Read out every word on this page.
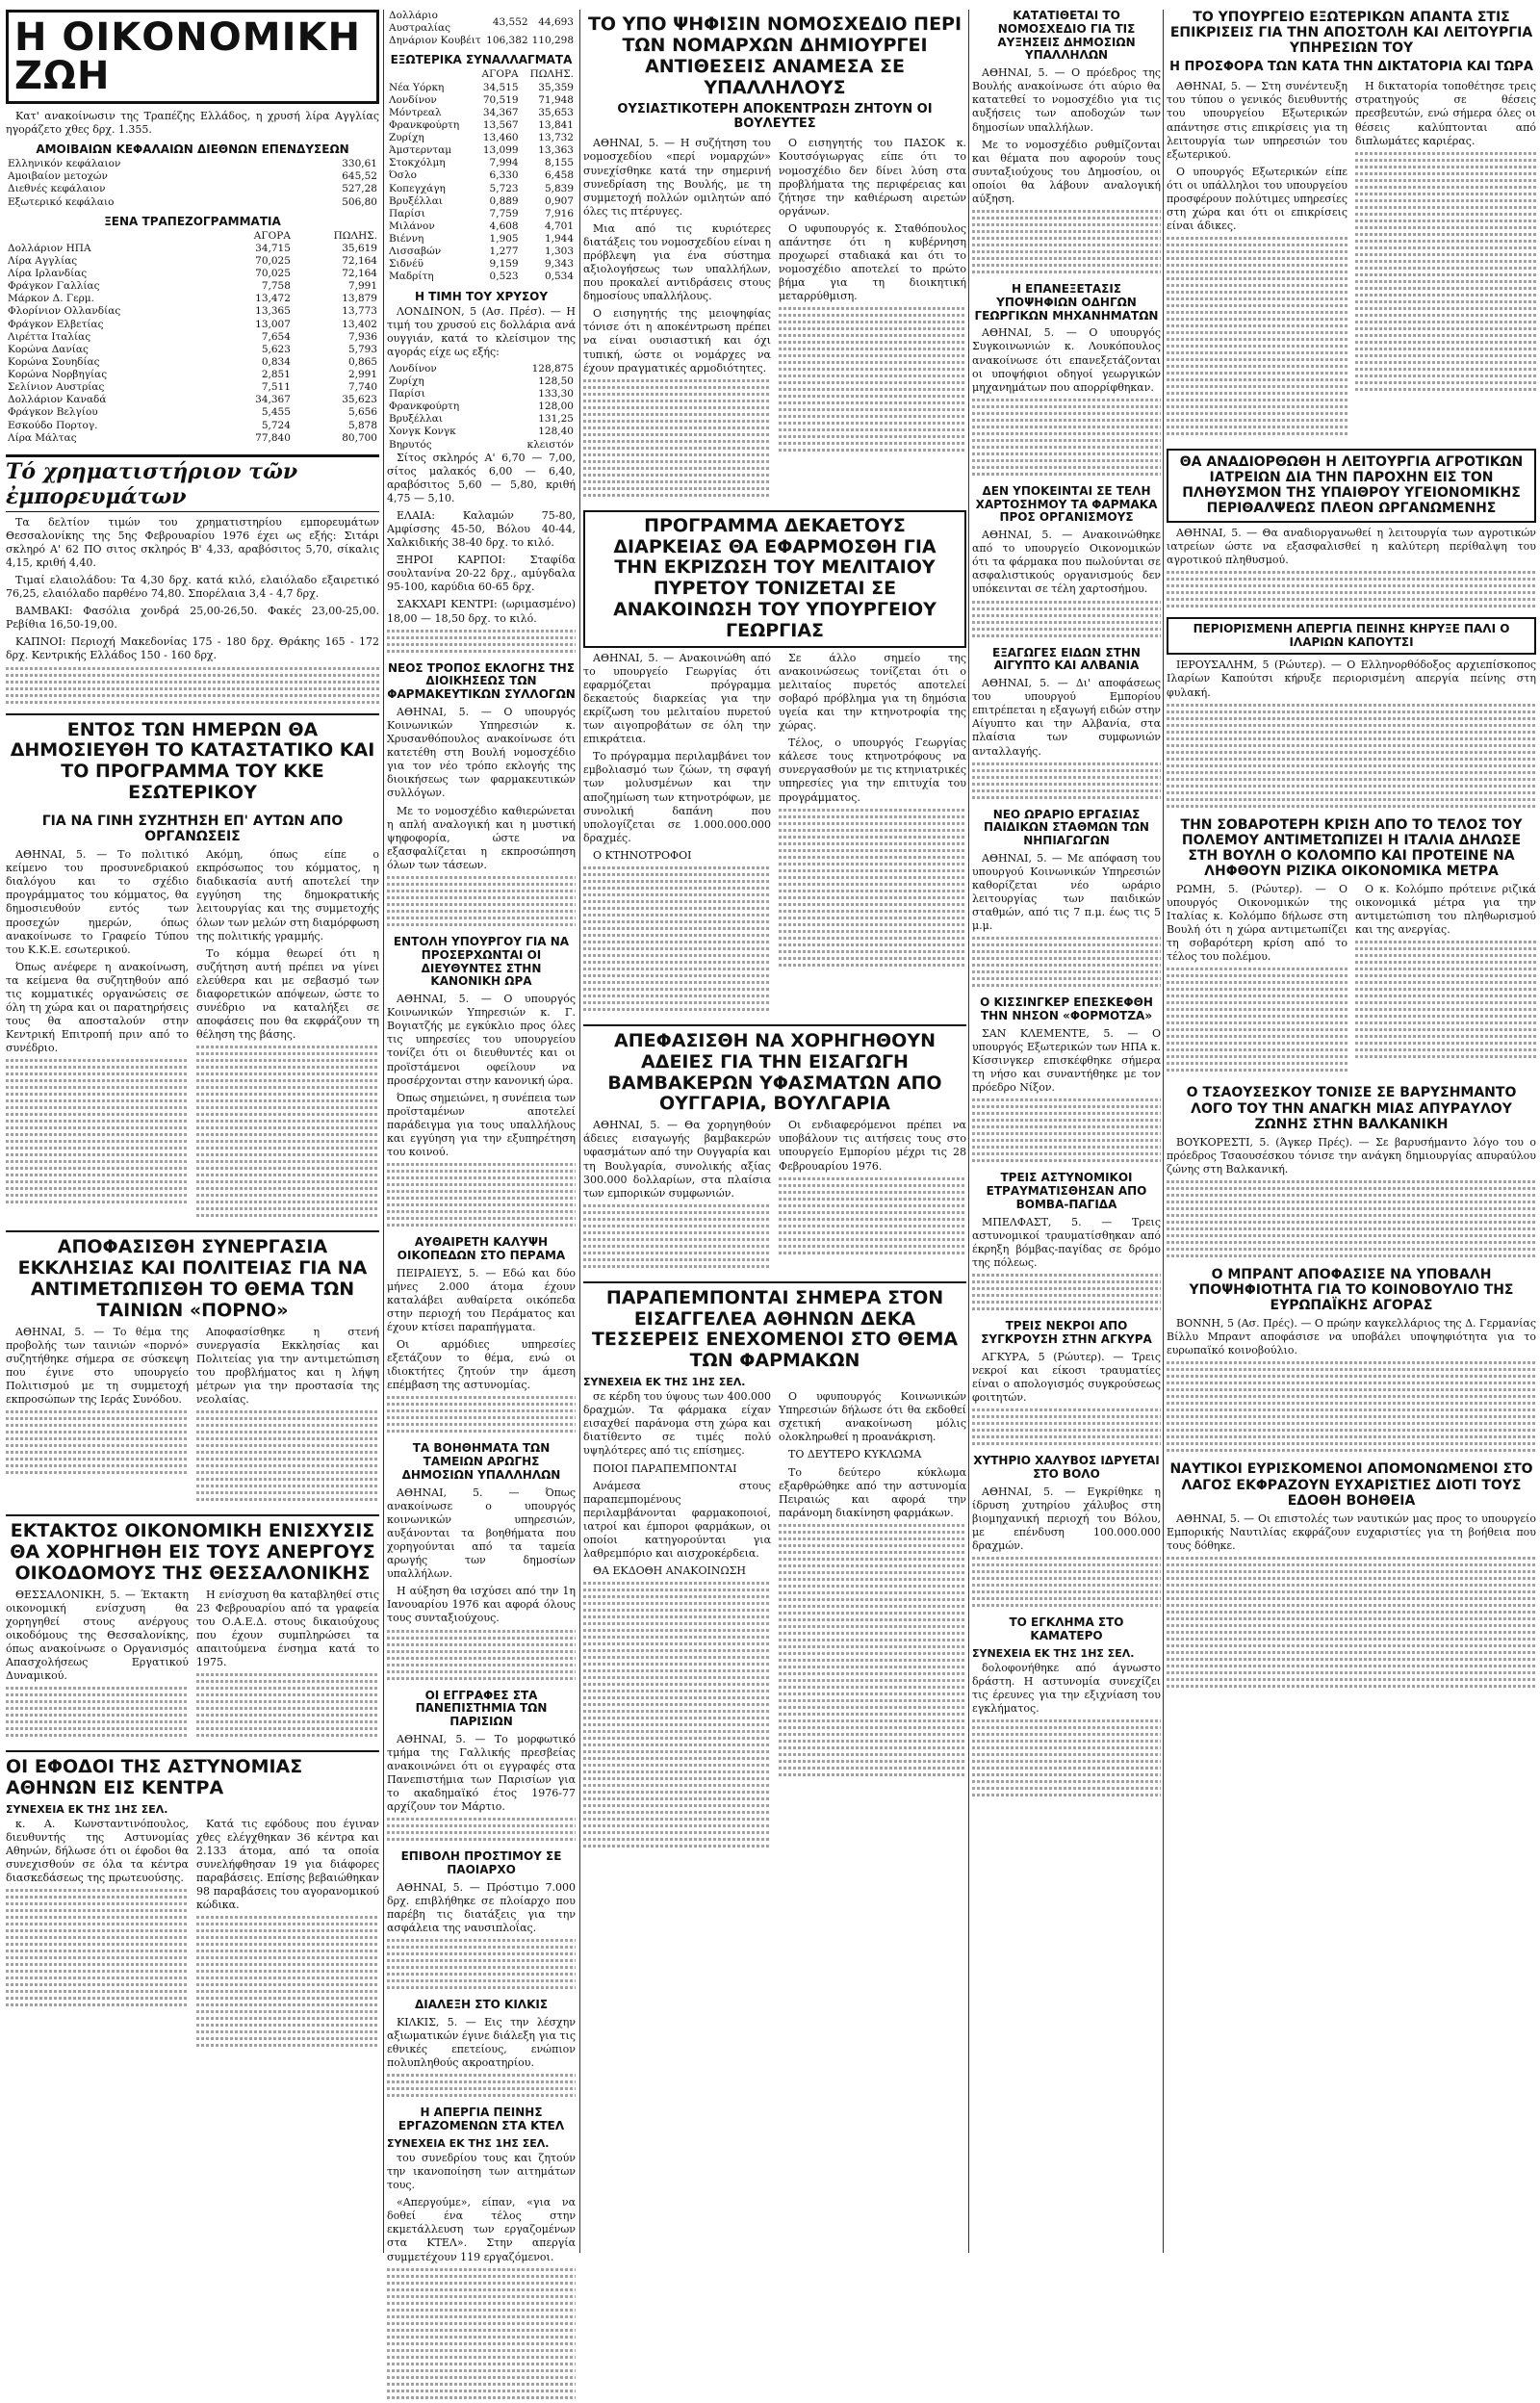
Η ΟΙΚΟΝΟΜΙΚΗ ΖΩΗ

Κατ' ανακοίνωσιν της Τραπέζης Ελλάδος, η χρυσή λίρα Αγγλίας ηγοράζετο χθες δρχ. 1.355.

ΑΜΟΙΒΑΙΩΝ ΚΕΦΑΛΑΙΩΝ ΔΙΕΘΝΩΝ ΕΠΕΝΔΥΣΕΩΝ
Ελληνικόν κεφάλαιον	330,61
Αμοιβαίον μετοχών	645,52
Διεθνές κεφάλαιον	527,28
Εξωτερικό κεφάλαιο	506,80
ΞΕΝΑ ΤΡΑΠΕΖΟΓΡΑΜΜΑΤΙΑ
	ΑΓΟΡΑ	ΠΩΛΗΣ.
Δολλάριον ΗΠΑ	34,715	35,619
Λίρα Αγγλίας	70,025	72,164
Λίρα Ιρλανδίας	70,025	72,164
Φράγκον Γαλλίας	7,758	7,991
Μάρκον Δ. Γερμ.	13,472	13,879
Φλορίνιον Ολλανδίας	13,365	13,773
Φράγκον Ελβετίας	13,007	13,402
Λιρέττα Ιταλίας	7,654	7,936
Κορώνα Δανίας	5,623	5,793
Κορώνα Σουηδίας	0,834	0,865
Κορώνα Νορβηγίας	2,851	2,991
Σελίνιον Αυστρίας	7,511	7,740
Δολλάριον Καναδά	34,367	35,623
Φράγκον Βελγίου	5,455	5,656
Εσκούδο Πορτογ.	5,724	5,878
Λίρα Μάλτας	77,840	80,700
Τό χρηματιστήριον τῶν ἐμπορευμάτων

Τα δελτίον τιμών του χρηματιστηρίου εμπορευμάτων Θεσσαλονίκης της 5ης Φεβρουαρίου 1976 έχει ως εξής: Σιτάρι σκληρό Α' 62 ΠΟ σιτος σκληρός Β' 4,33, αραβόσιτος 5,70, σίκαλις 4,15, κριθή 4,40.

Τιμαί ελαιολάδου: Τα 4,30 δρχ. κατά κιλό, ελαιόλαδο εξαιρετικό 76,25, ελαιόλαδο παρθένο 74,80. Σπορέλαια 3,4 - 4,7 δρχ.

ΒΑΜΒΑΚΙ: Φασόλια χονδρά 25,00-26,50. Φακές 23,00-25,00. Ρεβίθια 16,50-19,00.

ΚΑΠΝΟΙ: Περιοχή Μακεδονίας 175 - 180 δρχ. Θράκης 165 - 172 δρχ. Κεντρικής Ελλάδος 150 - 160 δρχ.

ΕΝΤΟΣ ΤΩΝ ΗΜΕΡΩΝ ΘΑ ΔΗΜΟΣΙΕΥΘΗ ΤΟ ΚΑΤΑΣΤΑΤΙΚΟ ΚΑΙ ΤΟ ΠΡΟΓΡΑΜΜΑ ΤΟΥ ΚΚΕ ΕΣΩΤΕΡΙΚΟΥ
ΓΙΑ ΝΑ ΓΙΝΗ ΣΥΖΗΤΗΣΗ ΕΠ' ΑΥΤΩΝ ΑΠΟ ΟΡΓΑΝΩΣΕΙΣ

ΑΘΗΝΑΙ, 5. — Το πολιτικό κείμενο του προσυνεδριακού διαλόγου και το σχέδιο προγράμματος του κόμματος, θα δημοσιευθούν εντός των προσεχών ημερών, όπως ανακοίνωσε το Γραφείο Τύπου του Κ.Κ.Ε. εσωτερικού.

Όπως ανέφερε η ανακοίνωση, τα κείμενα θα συζητηθούν από τις κομματικές οργανώσεις σε όλη τη χώρα και οι παρατηρήσεις τους θα αποσταλούν στην Κεντρική Επιτροπή πριν από το συνέδριο.

Ακόμη, όπως είπε ο εκπρόσωπος του κόμματος, η διαδικασία αυτή αποτελεί την εγγύηση της δημοκρατικής λειτουργίας και της συμμετοχής όλων των μελών στη διαμόρφωση της πολιτικής γραμμής.

Το κόμμα θεωρεί ότι η συζήτηση αυτή πρέπει να γίνει ελεύθερα και με σεβασμό των διαφορετικών απόψεων, ώστε το συνέδριο να καταλήξει σε αποφάσεις που θα εκφράζουν τη θέληση της βάσης.

ΑΠΟΦΑΣΙΣΘΗ ΣΥΝΕΡΓΑΣΙΑ ΕΚΚΛΗΣΙΑΣ ΚΑΙ ΠΟΛΙΤΕΙΑΣ ΓΙΑ ΝΑ ΑΝΤΙΜΕΤΩΠΙΣΘΗ ΤΟ ΘΕΜΑ ΤΩΝ ΤΑΙΝΙΩΝ «ΠΟΡΝΟ»

ΑΘΗΝΑΙ, 5. — Το θέμα της προβολής των ταινιών «πορνό» συζητήθηκε σήμερα σε σύσκεψη που έγινε στο υπουργείο Πολιτισμού με τη συμμετοχή εκπροσώπων της Ιεράς Συνόδου.

Αποφασίσθηκε η στενή συνεργασία Εκκλησίας και Πολιτείας για την αντιμετώπιση του προβλήματος και η λήψη μέτρων για την προστασία της νεολαίας.

ΕΚΤΑΚΤΟΣ ΟΙΚΟΝΟΜΙΚΗ ΕΝΙΣΧΥΣΙΣ ΘΑ ΧΟΡΗΓΗΘΗ ΕΙΣ ΤΟΥΣ ΑΝΕΡΓΟΥΣ ΟΙΚΟΔΟΜΟΥΣ ΤΗΣ ΘΕΣΣΑΛΟΝΙΚΗΣ

ΘΕΣΣΑΛΟΝΙΚΗ, 5. — Έκτακτη οικονομική ενίσχυση θα χορηγηθεί στους ανέργους οικοδόμους της Θεσσαλονίκης, όπως ανακοίνωσε ο Οργανισμός Απασχολήσεως Εργατικού Δυναμικού.

Η ενίσχυση θα καταβληθεί στις 23 Φεβρουαρίου από τα γραφεία του Ο.Α.Ε.Δ. στους δικαιούχους που έχουν συμπληρώσει τα απαιτούμενα ένσημα κατά το 1975.

ΟΙ ΕΦΟΔΟΙ ΤΗΣ ΑΣΤΥΝΟΜΙΑΣ ΑΘΗΝΩΝ ΕΙΣ ΚΕΝΤΡΑ
ΣΥΝΕΧΕΙΑ ΕΚ ΤΗΣ 1ΗΣ ΣΕΛ.

κ. Α. Κωνσταντινόπουλος, διευθυντής της Αστυνομίας Αθηνών, δήλωσε ότι οι έφοδοι θα συνεχισθούν σε όλα τα κέντρα διασκεδάσεως της πρωτευούσης.

Κατά τις εφόδους που έγιναν χθες ελέγχθηκαν 36 κέντρα και 2.133 άτομα, από τα οποία συνελήφθησαν 19 για διάφορες παραβάσεις. Επίσης βεβαιώθηκαν 98 παραβάσεις του αγορανομικού κώδικα.

Δολλάριο Αυστραλίας	43,552	44,693
Δηνάριον Κουβέιτ	106,382	110,298
ΕΞΩΤΕΡΙΚΑ ΣΥΝΑΛΛΑΓΜΑΤΑ
	ΑΓΟΡΑ	ΠΩΛΗΣ.
Νέα Υόρκη	34,515	35,359
Λονδίνον	70,519	71,948
Μόντρεαλ	34,367	35,653
Φρανκφούρτη	13,567	13,841
Ζυρίχη	13,460	13,732
Άμστερνταμ	13,099	13,363
Στοκχόλμη	7,994	8,155
Όσλο	6,330	6,458
Κοπεγχάγη	5,723	5,839
Βρυξέλλαι	0,889	0,907
Παρίσι	7,759	7,916
Μιλάνον	4,608	4,701
Βιέννη	1,905	1,944
Λισσαβών	1,277	1,303
Σιδνέϋ	9,159	9,343
Μαδρίτη	0,523	0,534
Η ΤΙΜΗ ΤΟΥ ΧΡΥΣΟΥ

ΛΟΝΔΙΝΟΝ, 5 (Ασ. Πρέσ). — Η τιμή του χρυσού εις δολλάρια ανά ουγγιάν, κατά το κλείσιμον της αγοράς είχε ως εξής:

Λονδίνον	128,875
Ζυρίχη	128,50
Παρίσι	133,30
Φρανκφούρτη	128,00
Βρυξέλλαι	131,25
Χονγκ Κονγκ	128,40
Βηρυτός	κλειστόν

Σίτος σκληρός Α' 6,70 — 7,00, σίτος μαλακός 6,00 — 6,40, αραβόσιτος 5,60 — 5,80, κριθή 4,75 — 5,10.

ΕΛΑΙΑ: Καλαμών 75-80, Αμφίσσης 45-50, Βόλου 40-44, Χαλκιδικής 38-40 δρχ. το κιλό.

ΞΗΡΟΙ ΚΑΡΠΟΙ: Σταφίδα σουλτανίνα 20-22 δρχ., αμύγδαλα 95-100, καρύδια 60-65 δρχ.

ΣΑΚΧΑΡΙ ΚΕΝΤΡΙ: (ωριμασμένο) 18,00 — 18,50 δρχ. το κιλό.

ΝΕΟΣ ΤΡΟΠΟΣ ΕΚΛΟΓΗΣ ΤΗΣ ΔΙΟΙΚΗΣΕΩΣ ΤΩΝ ΦΑΡΜΑΚΕΥΤΙΚΩΝ ΣΥΛΛΟΓΩΝ

ΑΘΗΝΑΙ, 5. — Ο υπουργός Κοινωνικών Υπηρεσιών κ. Χρυσανθόπουλος ανακοίνωσε ότι κατετέθη στη Βουλή νομοσχέδιο για τον νέο τρόπο εκλογής της διοικήσεως των φαρμακευτικών συλλόγων.

Με το νομοσχέδιο καθιερώνεται η απλή αναλογική και η μυστική ψηφοφορία, ώστε να εξασφαλίζεται η εκπροσώπηση όλων των τάσεων.

ΕΝΤΟΛΗ ΥΠΟΥΡΓΟΥ ΓΙΑ ΝΑ ΠΡΟΣΕΡΧΩΝΤΑΙ ΟΙ ΔΙΕΥΘΥΝΤΕΣ ΣΤΗΝ ΚΑΝΟΝΙΚΗ ΩΡΑ

ΑΘΗΝΑΙ, 5. — Ο υπουργός Κοινωνικών Υπηρεσιών κ. Γ. Βογιατζής με εγκύκλιο προς όλες τις υπηρεσίες του υπουργείου τονίζει ότι οι διευθυντές και οι προϊστάμενοι οφείλουν να προσέρχονται στην κανονική ώρα.

Όπως σημειώνει, η συνέπεια των προϊσταμένων αποτελεί παράδειγμα για τους υπαλλήλους και εγγύηση για την εξυπηρέτηση του κοινού.

ΑΥΘΑΙΡΕΤΗ ΚΑΛΥΨΗ ΟΙΚΟΠΕΔΩΝ ΣΤΟ ΠΕΡΑΜΑ

ΠΕΙΡΑΙΕΥΣ, 5. — Εδώ και δύο μήνες 2.000 άτομα έχουν καταλάβει αυθαίρετα οικόπεδα στην περιοχή του Περάματος και έχουν κτίσει παραπήγματα.

Οι αρμόδιες υπηρεσίες εξετάζουν το θέμα, ενώ οι ιδιοκτήτες ζητούν την άμεση επέμβαση της αστυνομίας.

ΤΑ ΒΟΗΘΗΜΑΤΑ ΤΩΝ ΤΑΜΕΙΩΝ ΑΡΩΓΗΣ ΔΗΜΟΣΙΩΝ ΥΠΑΛΛΗΛΩΝ

ΑΘΗΝΑΙ, 5. — Όπως ανακοίνωσε ο υπουργός κοινωνικών υπηρεσιών, αυξάνονται τα βοηθήματα που χορηγούνται από τα ταμεία αρωγής των δημοσίων υπαλλήλων.

Η αύξηση θα ισχύσει από την 1η Ιανουαρίου 1976 και αφορά όλους τους συνταξιούχους.

ΟΙ ΕΓΓΡΑΦΕΣ ΣΤΑ ΠΑΝΕΠΙΣΤΗΜΙΑ ΤΩΝ ΠΑΡΙΣΙΩΝ

ΑΘΗΝΑΙ, 5. — Το μορφωτικό τμήμα της Γαλλικής πρεσβείας ανακοινώνει ότι οι εγγραφές στα Πανεπιστήμια των Παρισίων για το ακαδημαϊκό έτος 1976-77 αρχίζουν τον Μάρτιο.

ΕΠΙΒΟΛΗ ΠΡΟΣΤΙΜΟΥ ΣΕ ΠΑΟΙΑΡΧΟ

ΑΘΗΝΑΙ, 5. — Πρόστιμο 7.000 δρχ. επιβλήθηκε σε πλοίαρχο που παρέβη τις διατάξεις για την ασφάλεια της ναυσιπλοΐας.

ΔΙΑΛΕΞΗ ΣΤΟ ΚΙΛΚΙΣ

ΚΙΛΚΙΣ, 5. — Εις την λέσχην αξιωματικών έγινε διάλεξη για τις εθνικές επετείους, ενώπιον πολυπληθούς ακροατηρίου.

Η ΑΠΕΡΓΙΑ ΠΕΙΝΗΣ ΕΡΓΑΖΟΜΕΝΩΝ ΣΤΑ ΚΤΕΛ
ΣΥΝΕΧΕΙΑ ΕΚ ΤΗΣ 1ΗΣ ΣΕΛ.

του συνεδρίου τους και ζητούν την ικανοποίηση των αιτημάτων τους.

«Απεργούμε», είπαν, «για να δοθεί ένα τέλος στην εκμετάλλευση των εργαζομένων στα ΚΤΕΛ». Στην απεργία συμμετέχουν 119 εργαζόμενοι.

ΤΟ ΥΠΟ ΨΗΦΙΣΙΝ ΝΟΜΟΣΧΕΔΙΟ ΠΕΡΙ ΤΩΝ ΝΟΜΑΡΧΩΝ ΔΗΜΙΟΥΡΓΕΙ ΑΝΤΙΘΕΣΕΙΣ ΑΝΑΜΕΣΑ ΣΕ ΥΠΑΛΛΗΛΟΥΣ
ΟΥΣΙΑΣΤΙΚΟΤΕΡΗ ΑΠΟΚΕΝΤΡΩΣΗ ΖΗΤΟΥΝ ΟΙ ΒΟΥΛΕΥΤΕΣ

ΑΘΗΝΑΙ, 5. — Η συζήτηση του νομοσχεδίου «περί νομαρχών» συνεχίσθηκε κατά την σημερινή συνεδρίαση της Βουλής, με τη συμμετοχή πολλών ομιλητών από όλες τις πτέρυγες.

Μια από τις κυριότερες διατάξεις του νομοσχεδίου είναι η πρόβλεψη για ένα σύστημα αξιολογήσεως των υπαλλήλων, που προκαλεί αντιδράσεις στους δημοσίους υπαλλήλους.

Ο εισηγητής της μειοψηφίας τόνισε ότι η αποκέντρωση πρέπει να είναι ουσιαστική και όχι τυπική, ώστε οι νομάρχες να έχουν πραγματικές αρμοδιότητες.

Ο εισηγητής του ΠΑΣΟΚ κ. Κουτσόγιωργας είπε ότι το νομοσχέδιο δεν δίνει λύση στα προβλήματα της περιφέρειας και ζήτησε την καθιέρωση αιρετών οργάνων.

Ο υφυπουργός κ. Σταθόπουλος απάντησε ότι η κυβέρνηση προχωρεί σταδιακά και ότι το νομοσχέδιο αποτελεί το πρώτο βήμα για τη διοικητική μεταρρύθμιση.

ΠΡΟΓΡΑΜΜΑ ΔΕΚΑΕΤΟΥΣ ΔΙΑΡΚΕΙΑΣ ΘΑ ΕΦΑΡΜΟΣΘΗ ΓΙΑ ΤΗΝ ΕΚΡΙΖΩΣΗ ΤΟΥ ΜΕΛΙΤΑΙΟΥ ΠΥΡΕΤΟΥ ΤΟΝΙΖΕΤΑΙ ΣΕ ΑΝΑΚΟΙΝΩΣΗ ΤΟΥ ΥΠΟΥΡΓΕΙΟΥ ΓΕΩΡΓΙΑΣ

ΑΘΗΝΑΙ, 5. — Ανακοινώθη από το υπουργείο Γεωργίας ότι εφαρμόζεται πρόγραμμα δεκαετούς διαρκείας για την εκρίζωση του μελιταίου πυρετού των αιγοπροβάτων σε όλη την επικράτεια.

Το πρόγραμμα περιλαμβάνει τον εμβολιασμό των ζώων, τη σφαγή των μολυσμένων και την αποζημίωση των κτηνοτρόφων, με συνολική δαπάνη που υπολογίζεται σε 1.000.000.000 δραχμές.

Ο ΚΤΗΝΟΤΡΟΦΟΙ

Σε άλλο σημείο της ανακοινώσεως τονίζεται ότι ο μελιταίος πυρετός αποτελεί σοβαρό πρόβλημα για τη δημόσια υγεία και την κτηνοτροφία της χώρας.

Τέλος, ο υπουργός Γεωργίας κάλεσε τους κτηνοτρόφους να συνεργασθούν με τις κτηνιατρικές υπηρεσίες για την επιτυχία του προγράμματος.

ΑΠΕΦΑΣΙΣΘΗ ΝΑ ΧΟΡΗΓΗΘΟΥΝ ΑΔΕΙΕΣ ΓΙΑ ΤΗΝ ΕΙΣΑΓΩΓΗ ΒΑΜΒΑΚΕΡΩΝ ΥΦΑΣΜΑΤΩΝ ΑΠΟ ΟΥΓΓΑΡΙΑ, ΒΟΥΛΓΑΡΙΑ

ΑΘΗΝΑΙ, 5. — Θα χορηγηθούν άδειες εισαγωγής βαμβακερών υφασμάτων από την Ουγγαρία και τη Βουλγαρία, συνολικής αξίας 300.000 δολλαρίων, στα πλαίσια των εμπορικών συμφωνιών.

Οι ενδιαφερόμενοι πρέπει να υποβάλουν τις αιτήσεις τους στο υπουργείο Εμπορίου μέχρι τις 28 Φεβρουαρίου 1976.

ΠΑΡΑΠΕΜΠΟΝΤΑΙ ΣΗΜΕΡΑ ΣΤΟΝ ΕΙΣΑΓΓΕΛΕΑ ΑΘΗΝΩΝ ΔΕΚΑ ΤΕΣΣΕΡΕΙΣ ΕΝΕΧΟΜΕΝΟΙ ΣΤΟ ΘΕΜΑ ΤΩΝ ΦΑΡΜΑΚΩΝ
ΣΥΝΕΧΕΙΑ ΕΚ ΤΗΣ 1ΗΣ ΣΕΛ.

σε κέρδη του ύψους των 400.000 δραχμών. Τα φάρμακα είχαν εισαχθεί παράνομα στη χώρα και διατίθεντο σε τιμές πολύ υψηλότερες από τις επίσημες.

ΠΟΙΟΙ ΠΑΡΑΠΕΜΠΟΝΤΑΙ

Ανάμεσα στους παραπεμπομένους περιλαμβάνονται φαρμακοποιοί, ιατροί και έμποροι φαρμάκων, οι οποίοι κατηγορούνται για λαθρεμπόριο και αισχροκέρδεια.

ΘΑ ΕΚΔΟΘΗ ΑΝΑΚΟΙΝΩΣΗ

Ο υφυπουργός Κοινωνικών Υπηρεσιών δήλωσε ότι θα εκδοθεί σχετική ανακοίνωση μόλις ολοκληρωθεί η προανάκριση.

ΤΟ ΔΕΥΤΕΡΟ ΚΥΚΛΩΜΑ

Το δεύτερο κύκλωμα εξαρθρώθηκε από την αστυνομία Πειραιώς και αφορά την παράνομη διακίνηση φαρμάκων.

ΚΑΤΑΤΙΘΕΤΑΙ ΤΟ ΝΟΜΟΣΧΕΔΙΟ ΓΙΑ ΤΙΣ ΑΥΞΗΣΕΙΣ ΔΗΜΟΣΙΩΝ ΥΠΑΛΛΗΛΩΝ

ΑΘΗΝΑΙ, 5. — Ο πρόεδρος της Βουλής ανακοίνωσε ότι αύριο θα κατατεθεί το νομοσχέδιο για τις αυξήσεις των αποδοχών των δημοσίων υπαλλήλων.

Με το νομοσχέδιο ρυθμίζονται και θέματα που αφορούν τους συνταξιούχους του Δημοσίου, οι οποίοι θα λάβουν αναλογική αύξηση.

Η ΕΠΑΝΕΞΕΤΑΣΙΣ ΥΠΟΨΗΦΙΩΝ ΟΔΗΓΩΝ ΓΕΩΡΓΙΚΩΝ ΜΗΧΑΝΗΜΑΤΩΝ

ΑΘΗΝΑΙ, 5. — Ο υπουργός Συγκοινωνιών κ. Λουκόπουλος ανακοίνωσε ότι επανεξετάζονται οι υποψήφιοι οδηγοί γεωργικών μηχανημάτων που απορρίφθηκαν.

ΔΕΝ ΥΠΟΚΕΙΝΤΑΙ ΣΕ ΤΕΛΗ ΧΑΡΤΟΣΗΜΟΥ ΤΑ ΦΑΡΜΑΚΑ ΠΡΟΣ ΟΡΓΑΝΙΣΜΟΥΣ

ΑΘΗΝΑΙ, 5. — Ανακοινώθηκε από το υπουργείο Οικονομικών ότι τα φάρμακα που πωλούνται σε ασφαλιστικούς οργανισμούς δεν υπόκεινται σε τέλη χαρτοσήμου.

ΕΞΑΓΩΓΕΣ ΕΙΔΩΝ ΣΤΗΝ ΑΙΓΥΠΤΟ ΚΑΙ ΑΛΒΑΝΙΑ

ΑΘΗΝΑΙ, 5. — Δι' αποφάσεως του υπουργού Εμπορίου επιτρέπεται η εξαγωγή ειδών στην Αίγυπτο και την Αλβανία, στα πλαίσια των συμφωνιών ανταλλαγής.

ΝΕΟ ΩΡΑΡΙΟ ΕΡΓΑΣΙΑΣ ΠΑΙΔΙΚΩΝ ΣΤΑΘΜΩΝ ΤΩΝ ΝΗΠΙΑΓΩΓΩΝ

ΑΘΗΝΑΙ, 5. — Με απόφαση του υπουργού Κοινωνικών Υπηρεσιών καθορίζεται νέο ωράριο λειτουργίας των παιδικών σταθμών, από τις 7 π.μ. έως τις 5 μ.μ.

Ο ΚΙΣΣΙΝΓΚΕΡ ΕΠΕΣΚΕΦΘΗ ΤΗΝ ΝΗΣΟΝ «ΦΟΡΜΟΤΖΑ»

ΣΑΝ ΚΛΕΜΕΝΤΕ, 5. — Ο υπουργός Εξωτερικών των ΗΠΑ κ. Κίσσινγκερ επισκέφθηκε σήμερα τη νήσο και συναντήθηκε με τον πρόεδρο Νίξον.

ΤΡΕΙΣ ΑΣΤΥΝΟΜΙΚΟΙ ΕΤΡΑΥΜΑΤΙΣΘΗΣΑΝ ΑΠΟ ΒΟΜΒΑ-ΠΑΓΙΔΑ

ΜΠΕΛΦΑΣΤ, 5. — Τρεις αστυνομικοί τραυματίσθηκαν από έκρηξη βόμβας-παγίδας σε δρόμο της πόλεως.

ΤΡΕΙΣ ΝΕΚΡΟΙ ΑΠΟ ΣΥΓΚΡΟΥΣΗ ΣΤΗΝ ΑΓΚΥΡΑ

ΑΓΚΥΡΑ, 5 (Ρώυτερ). — Τρεις νεκροί και είκοσι τραυματίες είναι ο απολογισμός συγκρούσεως φοιτητών.

ΧΥΤΗΡΙΟ ΧΑΛΥΒΟΣ ΙΔΡΥΕΤΑΙ ΣΤΟ ΒΟΛΟ

ΑΘΗΝΑΙ, 5. — Εγκρίθηκε η ίδρυση χυτηρίου χάλυβος στη βιομηχανική περιοχή του Βόλου, με επένδυση 100.000.000 δραχμών.

ΤΟ ΕΓΚΛΗΜΑ ΣΤΟ ΚΑΜΑΤΕΡΟ
ΣΥΝΕΧΕΙΑ ΕΚ ΤΗΣ 1ΗΣ ΣΕΛ.

δολοφονήθηκε από άγνωστο δράστη. Η αστυνομία συνεχίζει τις έρευνες για την εξιχνίαση του εγκλήματος.

ΤΟ ΥΠΟΥΡΓΕΙΟ ΕΞΩΤΕΡΙΚΩΝ ΑΠΑΝΤΑ ΣΤΙΣ ΕΠΙΚΡΙΣΕΙΣ ΓΙΑ ΤΗΝ ΑΠΟΣΤΟΛΗ ΚΑΙ ΛΕΙΤΟΥΡΓΙΑ ΥΠΗΡΕΣΙΩΝ ΤΟΥ
Η ΠΡΟΣΦΟΡΑ ΤΩΝ ΚΑΤΑ ΤΗΝ ΔΙΚΤΑΤΟΡΙΑ ΚΑΙ ΤΩΡΑ

ΑΘΗΝΑΙ, 5. — Στη συνέντευξη του τύπου ο γενικός διευθυντής του υπουργείου Εξωτερικών απάντησε στις επικρίσεις για τη λειτουργία των υπηρεσιών του εξωτερικού.

Ο υπουργός Εξωτερικών είπε ότι οι υπάλληλοι του υπουργείου προσφέρουν πολύτιμες υπηρεσίες στη χώρα και ότι οι επικρίσεις είναι άδικες.

Η δικτατορία τοποθέτησε τρεις στρατηγούς σε θέσεις πρεσβευτών, ενώ σήμερα όλες οι θέσεις καλύπτονται από διπλωμάτες καριέρας.

ΘΑ ΑΝΑΔΙΟΡΘΩΘΗ Η ΛΕΙΤΟΥΡΓΙΑ ΑΓΡΟΤΙΚΩΝ ΙΑΤΡΕΙΩΝ ΔΙΑ ΤΗΝ ΠΑΡΟΧΗΝ ΕΙΣ ΤΟΝ ΠΛΗΘΥΣΜΟΝ ΤΗΣ ΥΠΑΙΘΡΟΥ ΥΓΕΙΟΝΟΜΙΚΗΣ ΠΕΡΙΘΑΛΨΕΩΣ ΠΛΕΟΝ ΩΡΓΑΝΩΜΕΝΗΣ

ΑΘΗΝΑΙ, 5. — Θα αναδιοργανωθεί η λειτουργία των αγροτικών ιατρείων ώστε να εξασφαλισθεί η καλύτερη περίθαλψη του αγροτικού πληθυσμού.

ΠΕΡΙΟΡΙΣΜΕΝΗ ΑΠΕΡΓΙΑ ΠΕΙΝΗΣ ΚΗΡΥΞΕ ΠΑΛΙ Ο ΙΛΑΡΙΩΝ ΚΑΠΟΥΤΣΙ

ΙΕΡΟΥΣΑΛΗΜ, 5 (Ρώυτερ). — Ο Ελληνορθόδοξος αρχιεπίσκοπος Ιλαρίων Καπούτσι κήρυξε περιορισμένη απεργία πείνης στη φυλακή.

ΤΗΝ ΣΟΒΑΡΟΤΕΡΗ ΚΡΙΣΗ ΑΠΟ ΤΟ ΤΕΛΟΣ ΤΟΥ ΠΟΛΕΜΟΥ ΑΝΤΙΜΕΤΩΠΙΖΕΙ Η ΙΤΑΛΙΑ ΔΗΛΩΣΕ ΣΤΗ ΒΟΥΛΗ Ο ΚΟΛΟΜΠΟ ΚΑΙ ΠΡΟΤΕΙΝΕ ΝΑ ΛΗΦΘΟΥΝ ΡΙΖΙΚΑ ΟΙΚΟΝΟΜΙΚΑ ΜΕΤΡΑ

ΡΩΜΗ, 5. (Ρώυτερ). — Ο υπουργός Οικονομικών της Ιταλίας κ. Κολόμπο δήλωσε στη Βουλή ότι η χώρα αντιμετωπίζει τη σοβαρότερη κρίση από το τέλος του πολέμου.

Ο κ. Κολόμπο πρότεινε ριζικά οικονομικά μέτρα για την αντιμετώπιση του πληθωρισμού και της ανεργίας.

Ο ΤΣΑΟΥΣΕΣΚΟΥ ΤΟΝΙΣΕ ΣΕ ΒΑΡΥΣΗΜΑΝΤΟ ΛΟΓΟ ΤΟΥ ΤΗΝ ΑΝΑΓΚΗ ΜΙΑΣ ΑΠΥΡΑΥΛΟΥ ΖΩΝΗΣ ΣΤΗΝ ΒΑΛΚΑΝΙΚΗ

ΒΟΥΚΟΡΕΣΤΙ, 5. (Άγκερ Πρές). — Σε βαρυσήμαντο λόγο του ο πρόεδρος Τσαουσέσκου τόνισε την ανάγκη δημιουργίας απυραύλου ζώνης στη Βαλκανική.

Ο ΜΠΡΑΝΤ ΑΠΟΦΑΣΙΣΕ ΝΑ ΥΠΟΒΑΛΗ ΥΠΟΨΗΦΙΟΤΗΤΑ ΓΙΑ ΤΟ ΚΟΙΝΟΒΟΥΛΙΟ ΤΗΣ ΕΥΡΩΠΑΪΚΗΣ ΑΓΟΡΑΣ

ΒΟΝΝΗ, 5 (Ασ. Πρές). — Ο πρώην καγκελλάριος της Δ. Γερμανίας Βίλλυ Μπραντ αποφάσισε να υποβάλει υποψηφιότητα για το ευρωπαϊκό κοινοβούλιο.

ΝΑΥΤΙΚΟΙ ΕΥΡΙΣΚΟΜΕΝΟΙ ΑΠΟΜΟΝΩΜΕΝΟΙ ΣΤΟ ΛΑΓΟΣ ΕΚΦΡΑΖΟΥΝ ΕΥΧΑΡΙΣΤΙΕΣ ΔΙΟΤΙ ΤΟΥΣ ΕΔΟΘΗ ΒΟΗΘΕΙΑ

ΑΘΗΝΑΙ, 5. — Οι επιστολές των ναυτικών μας προς το υπουργείο Εμπορικής Ναυτιλίας εκφράζουν ευχαριστίες για τη βοήθεια που τους δόθηκε.
